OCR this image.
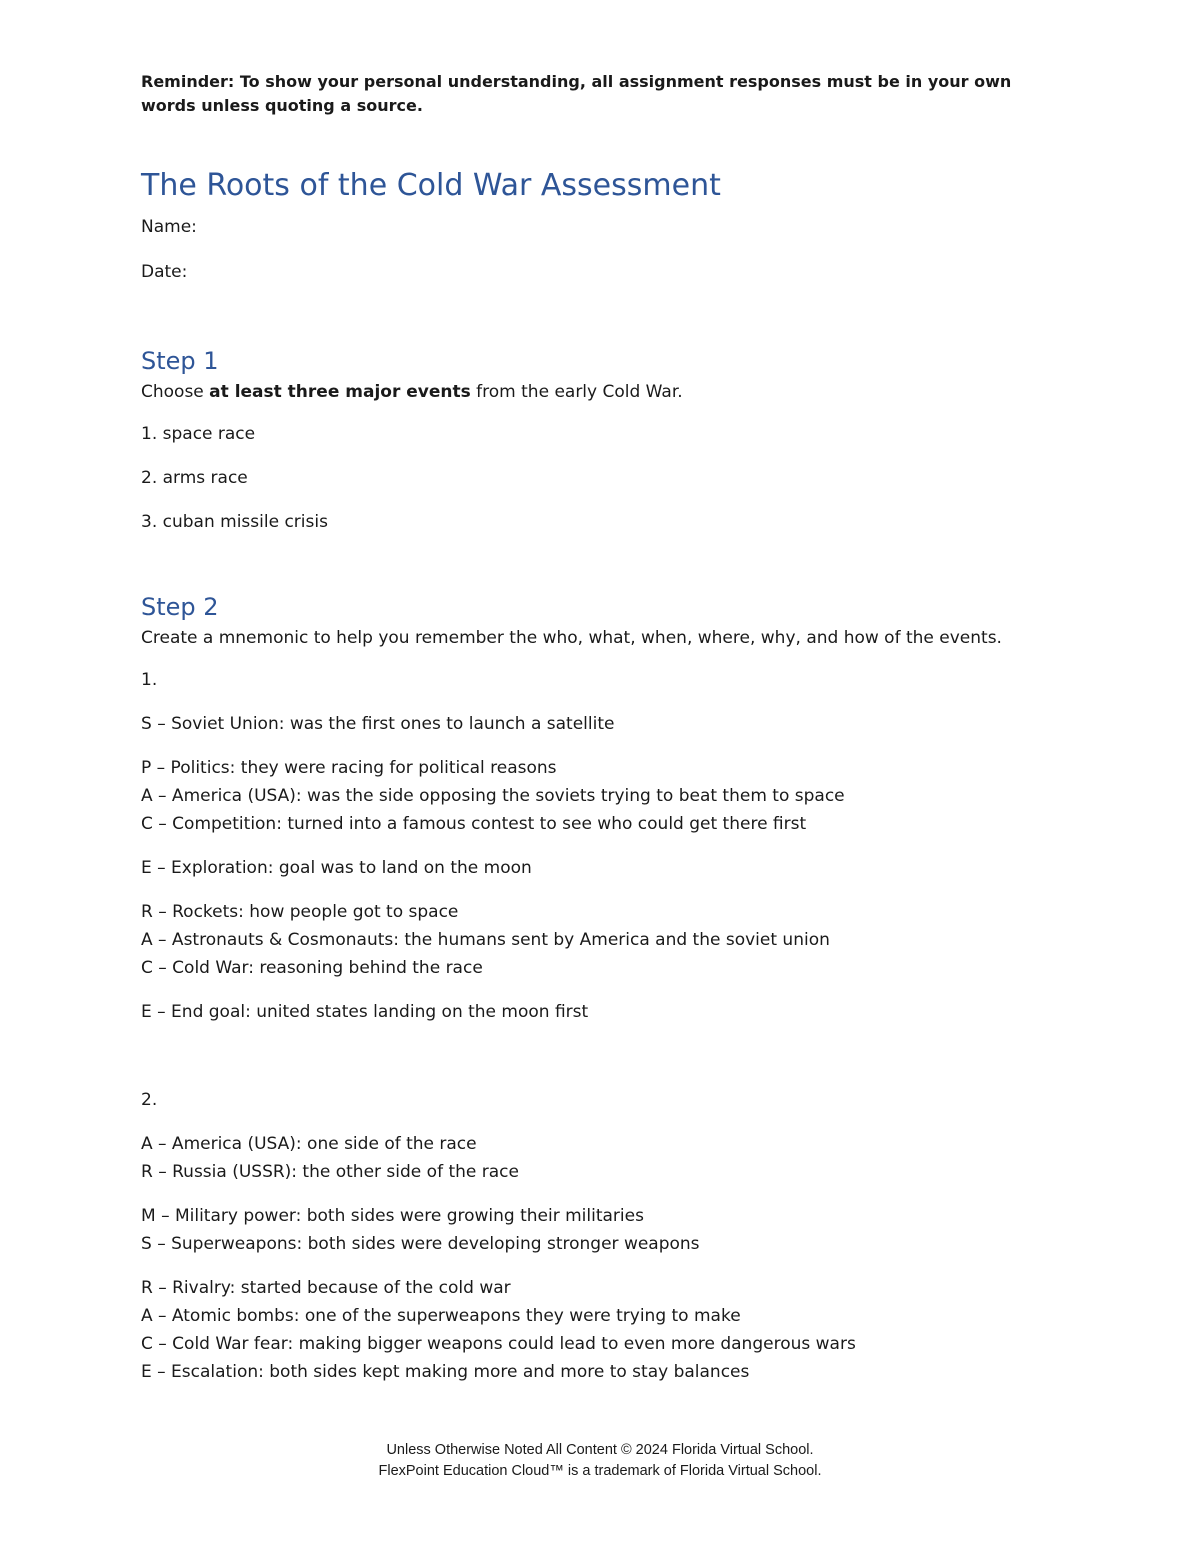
Reminder: To show your personal understanding, all assignment responses must be in your own words unless quoting a source.

The Roots of the Cold War Assessment

Name:

Date:

Step 1

Choose at least three major events from the early Cold War.

1. space race

2. arms race

3. cuban missile crisis

Step 2

Create a mnemonic to help you remember the who, what, when, where, why, and how of the events.

1.

S – Soviet Union: was the first ones to launch a satellite

P – Politics: they were racing for political reasons

A – America (USA): was the side opposing the soviets trying to beat them to space

C – Competition: turned into a famous contest to see who could get there first

E – Exploration: goal was to land on the moon

R – Rockets: how people got to space

A – Astronauts & Cosmonauts: the humans sent by America and the soviet union

C – Cold War: reasoning behind the race

E – End goal: united states landing on the moon first

2.

A – America (USA): one side of the race

R – Russia (USSR): the other side of the race

M – Military power: both sides were growing their militaries

S – Superweapons: both sides were developing stronger weapons

R – Rivalry: started because of the cold war

A – Atomic bombs: one of the superweapons they were trying to make

C – Cold War fear: making bigger weapons could lead to even more dangerous wars

E – Escalation: both sides kept making more and more to stay balances

Unless Otherwise Noted All Content © 2024 Florida Virtual School.
FlexPoint Education Cloud™ is a trademark of Florida Virtual School.
